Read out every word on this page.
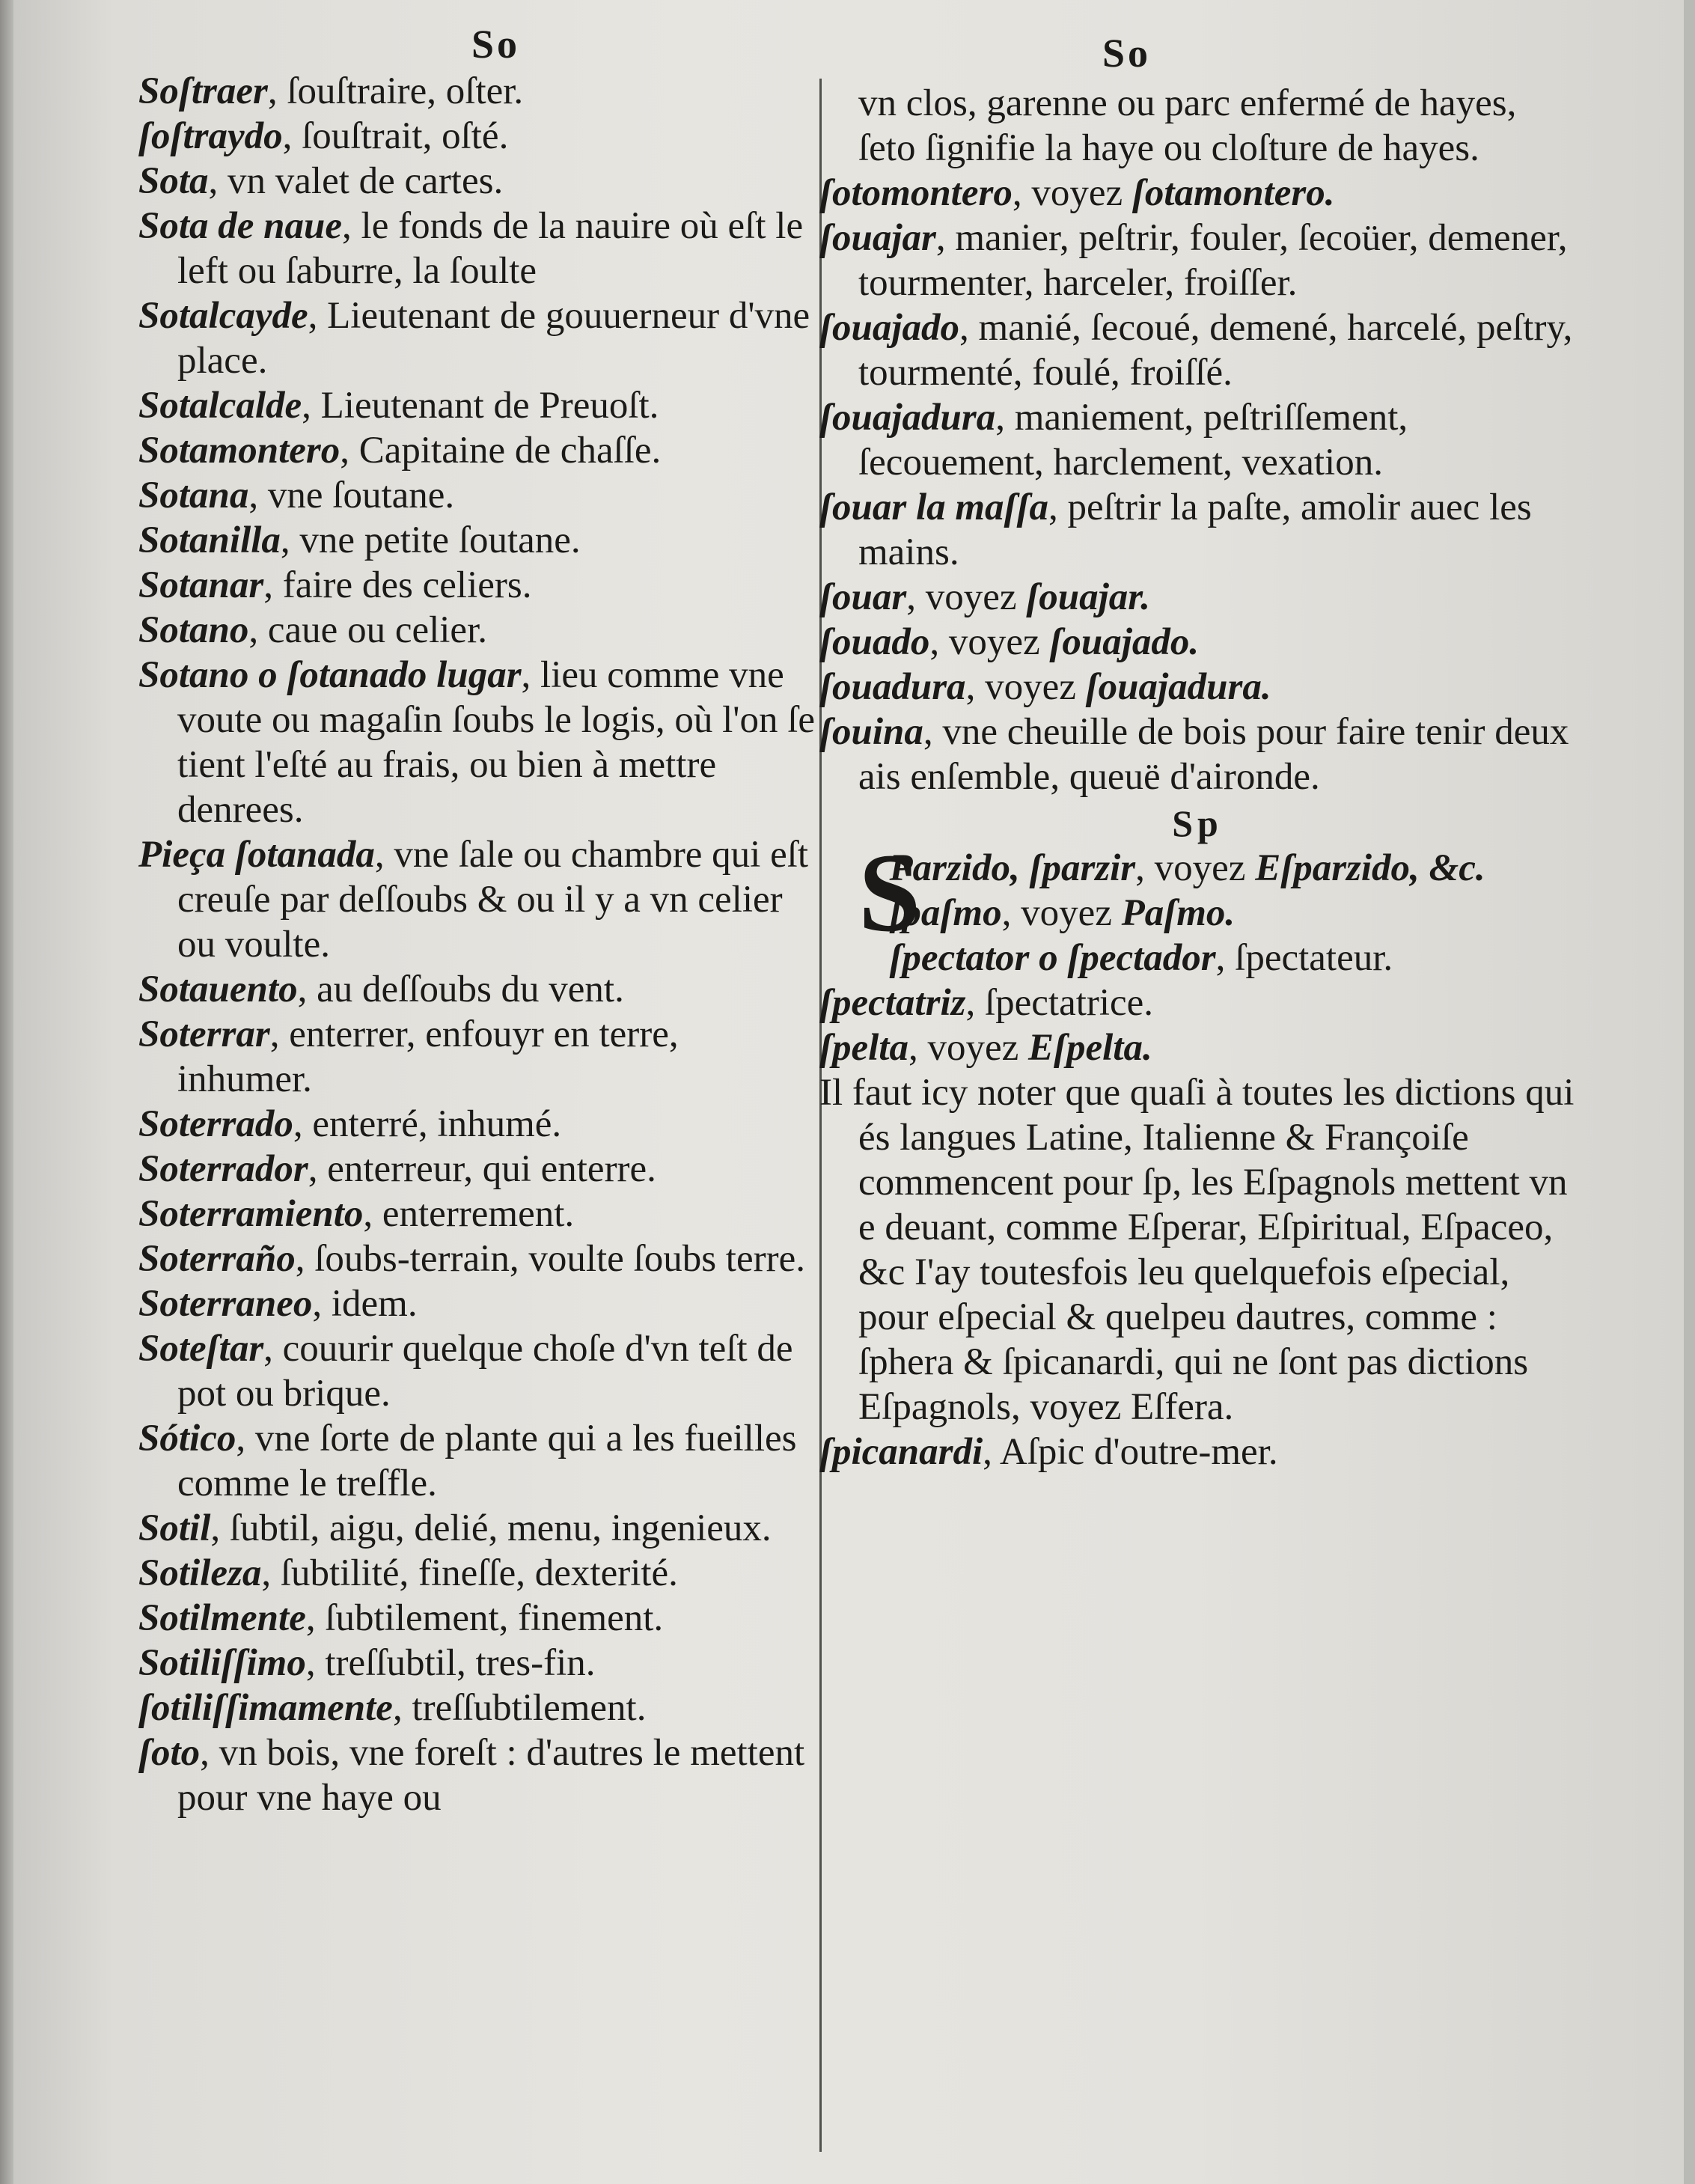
So

Soſtraer, ſouſtraire, oſter.

ſoſtraydo, ſouſtrait, oſté.

Sota, vn valet de cartes.

Sota de naue, le fonds de la nauire où eſt le left ou ſaburre, la ſoulte

Sotalcayde, Lieutenant de gouuerneur d'vne place.

Sotalcalde, Lieutenant de Preuoſt.

Sotamontero, Capitaine de chaſſe.

Sotana, vne ſoutane.

Sotanilla, vne petite ſoutane.

Sotanar, faire des celiers.

Sotano, caue ou celier.

Sotano o ſotanado lugar, lieu comme vne voute ou magaſin ſoubs le logis, où l'on ſe tient l'eſté au frais, ou bien à mettre denrees.

Pieça ſotanada, vne ſale ou chambre qui eſt creuſe par deſſoubs & ou il y a vn celier ou voulte.

Sotauento, au deſſoubs du vent.

Soterrar, enterrer, enfouyr en terre, inhumer.

Soterrado, enterré, inhumé.

Soterrador, enterreur, qui enterre.

Soterramiento, enterrement.

Soterraño, ſoubs-terrain, voulte ſoubs terre.

Soterraneo, idem.

Soteſtar, couurir quelque choſe d'vn teſt de pot ou brique.

Sótico, vne ſorte de plante qui a les fueilles comme le treſfle.

Sotil, ſubtil, aigu, delié, menu, ingenieux.

Sotileza, ſubtilité, fineſſe, dexterité.

Sotilmente, ſubtilement, finement.

Sotiliſſimo, treſſubtil, tres-fin.

ſotiliſſimamente, treſſubtilement.

ſoto, vn bois, vne foreſt : d'autres le mettent pour vne haye ou

So

vn clos, garenne ou parc enfermé de hayes, ſeto ſignifie la haye ou cloſture de hayes.

ſotomontero, voyez ſotamontero.

ſouajar, manier, peſtrir, fouler, ſecoüer, demener, tourmenter, harceler, froiſſer.

ſouajado, manié, ſecoué, demené, harcelé, peſtry, tourmenté, foulé, froiſſé.

ſouajadura, maniement, peſtriſſement, ſecouement, harclement, vexation.

ſouar la maſſa, peſtrir la paſte, amolir auec les mains.

ſouar, voyez ſouajar.

ſouado, voyez ſouajado.

ſouadura, voyez ſouajadura.

ſouina, vne cheuille de bois pour faire tenir deux ais enſemble, queuë d'aironde.

Sp

S
Parzido, ſparzir, voyez Eſparzido, &c.

ſpaſmo, voyez Paſmo.

ſpectator o ſpectador, ſpectateur.

ſpectatriz, ſpectatrice.

ſpelta, voyez Eſpelta.

Il faut icy noter que quaſi à toutes les dictions qui és langues Latine, Italienne & Françoiſe commencent pour ſp, les Eſpagnols mettent vn e deuant, comme Eſperar, Eſpiritual, Eſpaceo, &c I'ay toutesfois leu quelquefois eſpecial, pour eſpecial & quelpeu dautres, comme : ſphera & ſpicanardi, qui ne ſont pas dictions Eſpagnols, voyez Eſfera.

ſpicanardi, Aſpic d'outre-mer.
